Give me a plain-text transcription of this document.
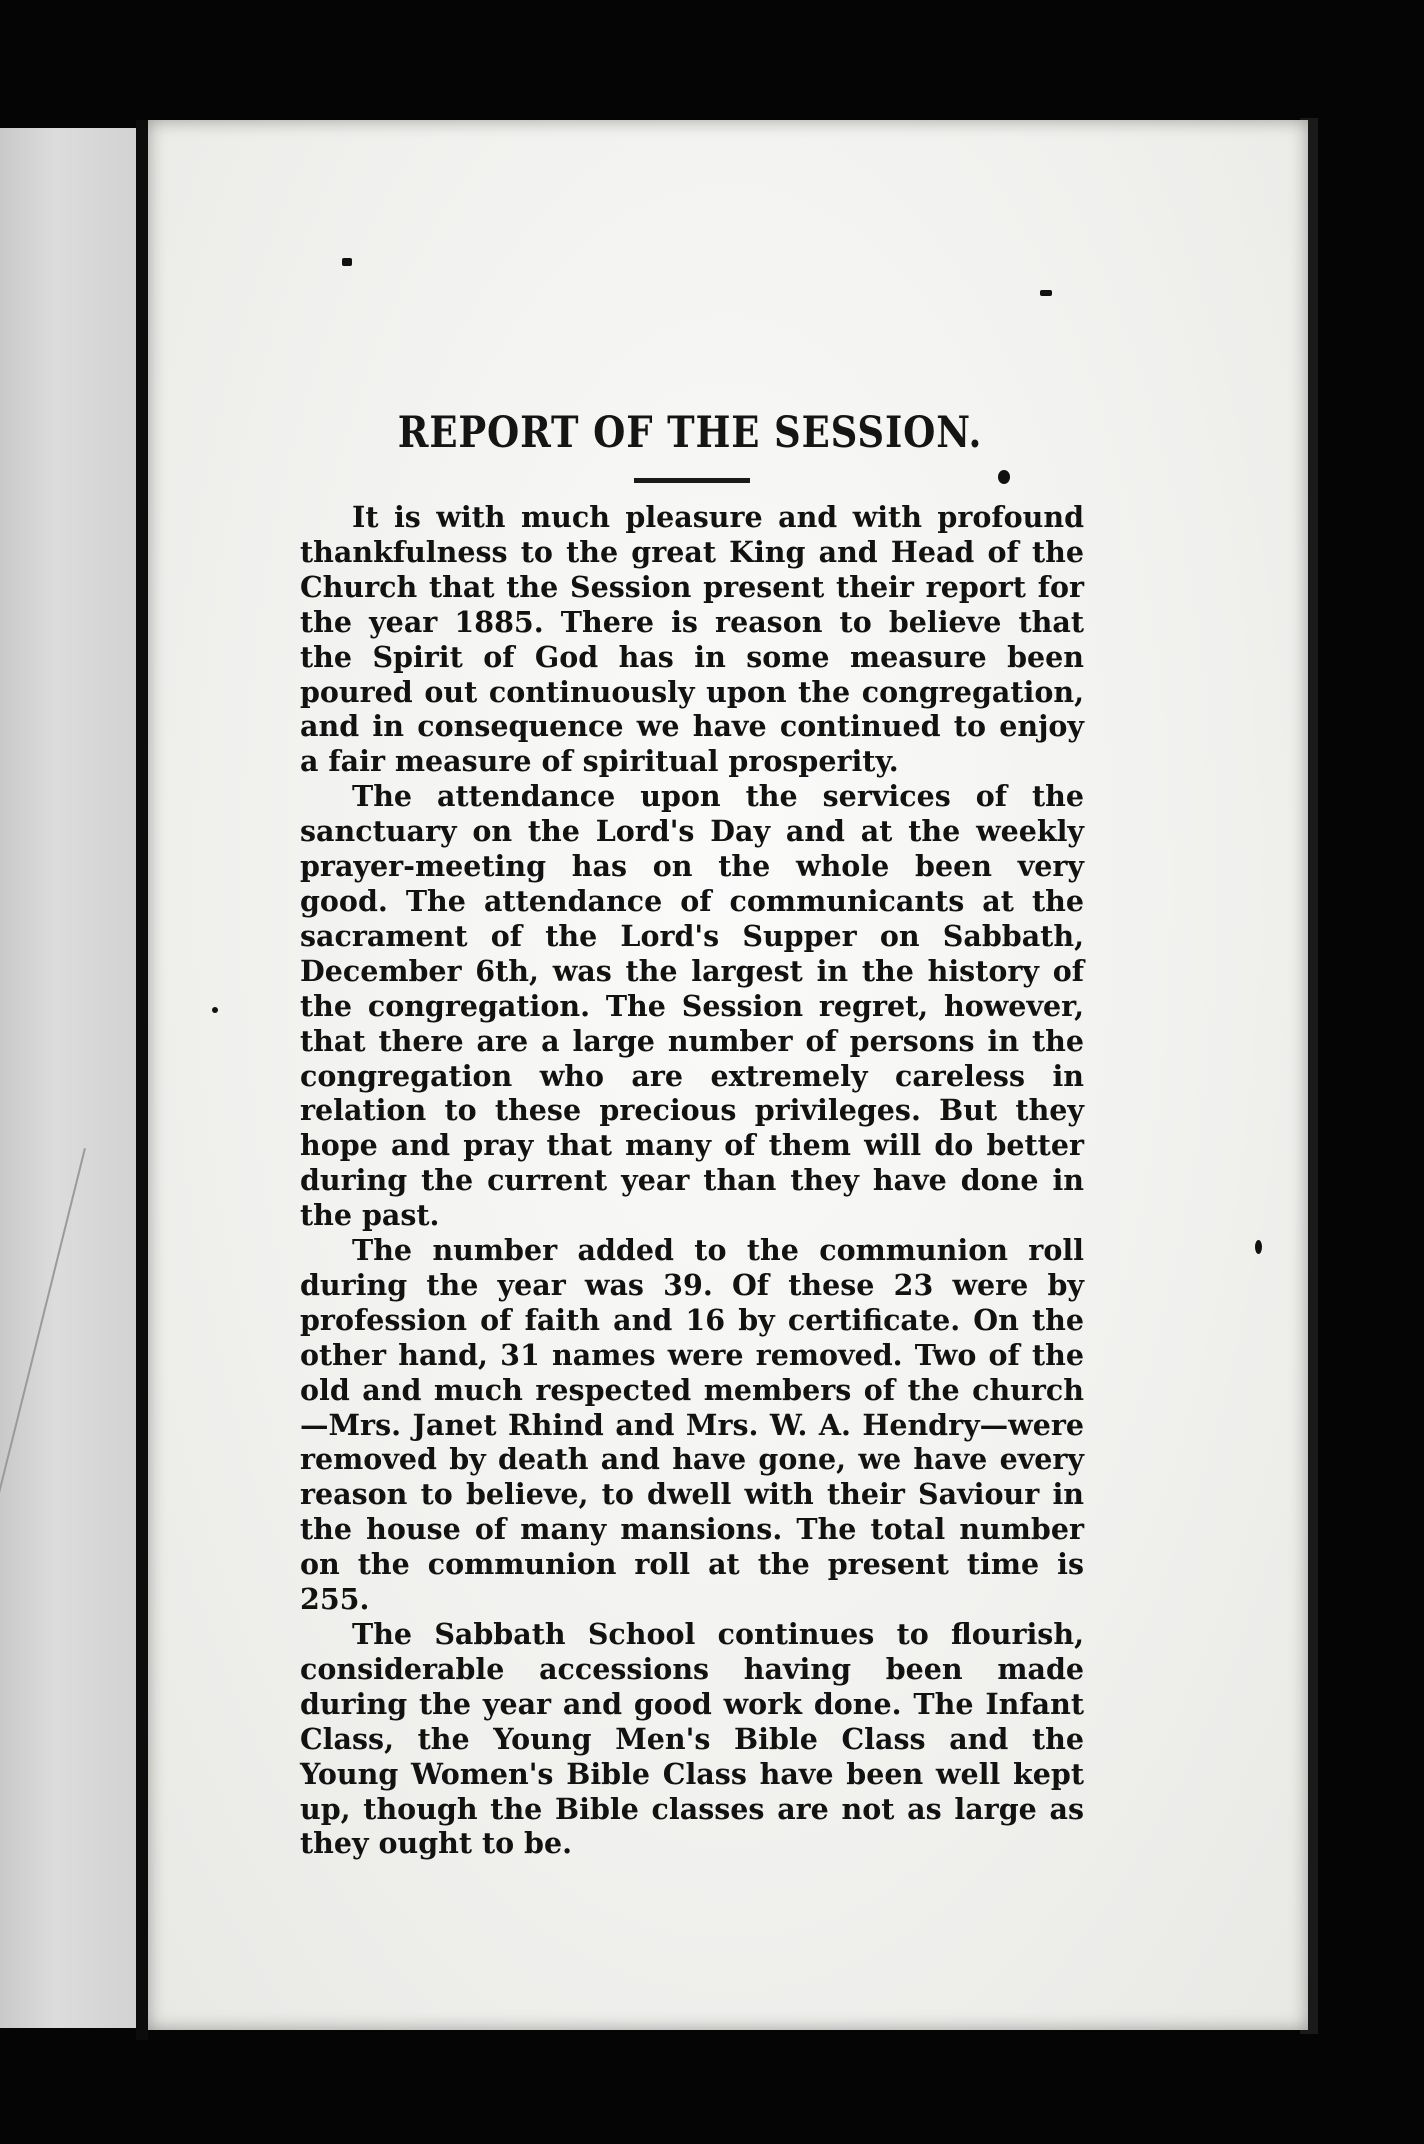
REPORT OF THE SESSION.

It is with much pleasure and with profound thankfulness to the great King and Head of the Church that the Session present their report for the year 1885. There is reason to believe that the Spirit of God has in some measure been poured out continuously upon the congregation, and in consequence we have continued to enjoy a fair measure of spiritual prosperity.

The attendance upon the services of the sanctuary on the Lord's Day and at the weekly prayer-meeting has on the whole been very good. The attendance of communicants at the sacrament of the Lord's Supper on Sabbath, December 6th, was the largest in the history of the congregation. The Session regret, however, that there are a large number of persons in the congregation who are extremely careless in relation to these precious privileges. But they hope and pray that many of them will do better during the current year than they have done in the past.

The number added to the communion roll during the year was 39. Of these 23 were by profession of faith and 16 by certificate. On the other hand, 31 names were removed. Two of the old and much respected members of the church—Mrs. Janet Rhind and Mrs. W. A. Hendry—were removed by death and have gone, we have every reason to believe, to dwell with their Saviour in the house of many mansions. The total number on the communion roll at the present time is 255.

The Sabbath School continues to flourish, considerable accessions having been made during the year and good work done. The Infant Class, the Young Men's Bible Class and the Young Women's Bible Class have been well kept up, though the Bible classes are not as large as they ought to be.
